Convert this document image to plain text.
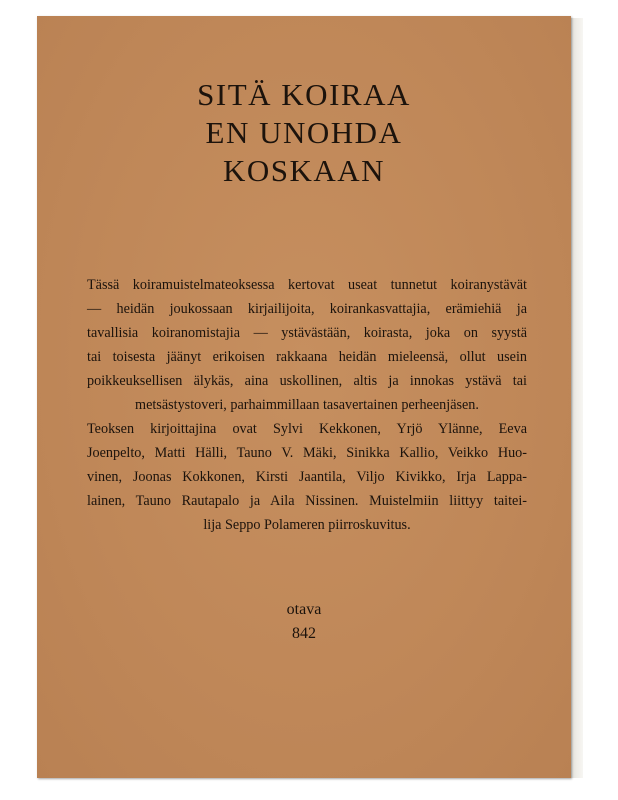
SITÄ KOIRAA
EN UNOHDA
KOSKAAN
Tässä koiramuistelmateoksessa kertovat useat tunnetut koiranystävät
— heidän joukossaan kirjailijoita, koirankasvattajia, erämiehiä ja
tavallisia koiranomistajia — ystävästään, koirasta, joka on syystä
tai toisesta jäänyt erikoisen rakkaana heidän mieleensä, ollut usein
poikkeuksellisen älykäs, aina uskollinen, altis ja innokas ystävä tai
metsästystoveri, parhaimmillaan tasavertainen perheenjäsen.
Teoksen kirjoittajina ovat Sylvi Kekkonen, Yrjö Ylänne, Eeva
Joenpelto, Matti Hälli, Tauno V. Mäki, Sinikka Kallio, Veikko Huo-
vinen, Joonas Kokkonen, Kirsti Jaantila, Viljo Kivikko, Irja Lappa-
lainen, Tauno Rautapalo ja Aila Nissinen. Muistelmiin liittyy taitei-
lija Seppo Polameren piirroskuvitus.
otava
842
